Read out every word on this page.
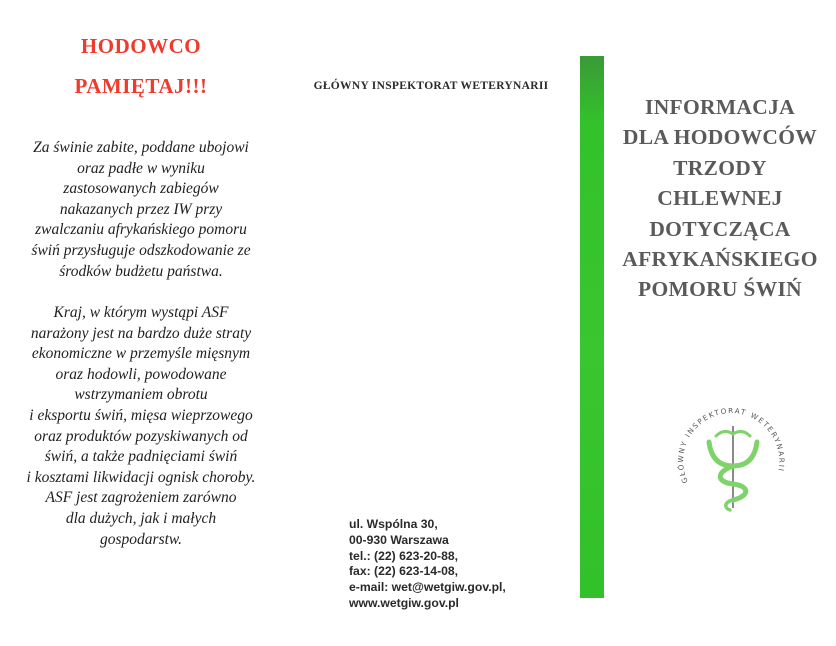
HODOWCO
PAMIĘTAJ!!!
Za świnie zabite, poddane ubojowi
oraz padłe w wyniku
zastosowanych zabiegów
nakazanych przez IW przy
zwalczaniu afrykańskiego pomoru
świń przysługuje odszkodowanie ze
środków budżetu państwa.
Kraj, w którym wystąpi ASF
narażony jest na bardzo duże straty
ekonomiczne w przemyśle mięsnym
oraz hodowli, powodowane
wstrzymaniem obrotu
i eksportu świń, mięsa wieprzowego
oraz produktów pozyskiwanych od
świń, a także padnięciami świń
i kosztami likwidacji ognisk choroby.
ASF jest zagrożeniem zarówno
dla dużych, jak i małych
gospodarstw.
GŁÓWNY INSPEKTORAT WETERYNARII
ul. Wspólna 30,
00-930 Warszawa
tel.: (22) 623-20-88,
fax: (22) 623-14-08,
e-mail: wet@wetgiw.gov.pl,
www.wetgiw.gov.pl
INFORMACJA
DLA HODOWCÓW
TRZODY
CHLEWNEJ
DOTYCZĄCA
AFRYKAŃSKIEGO
POMORU ŚWIŃ
GŁÓWNY INSPEKTORAT WETERYNARII
